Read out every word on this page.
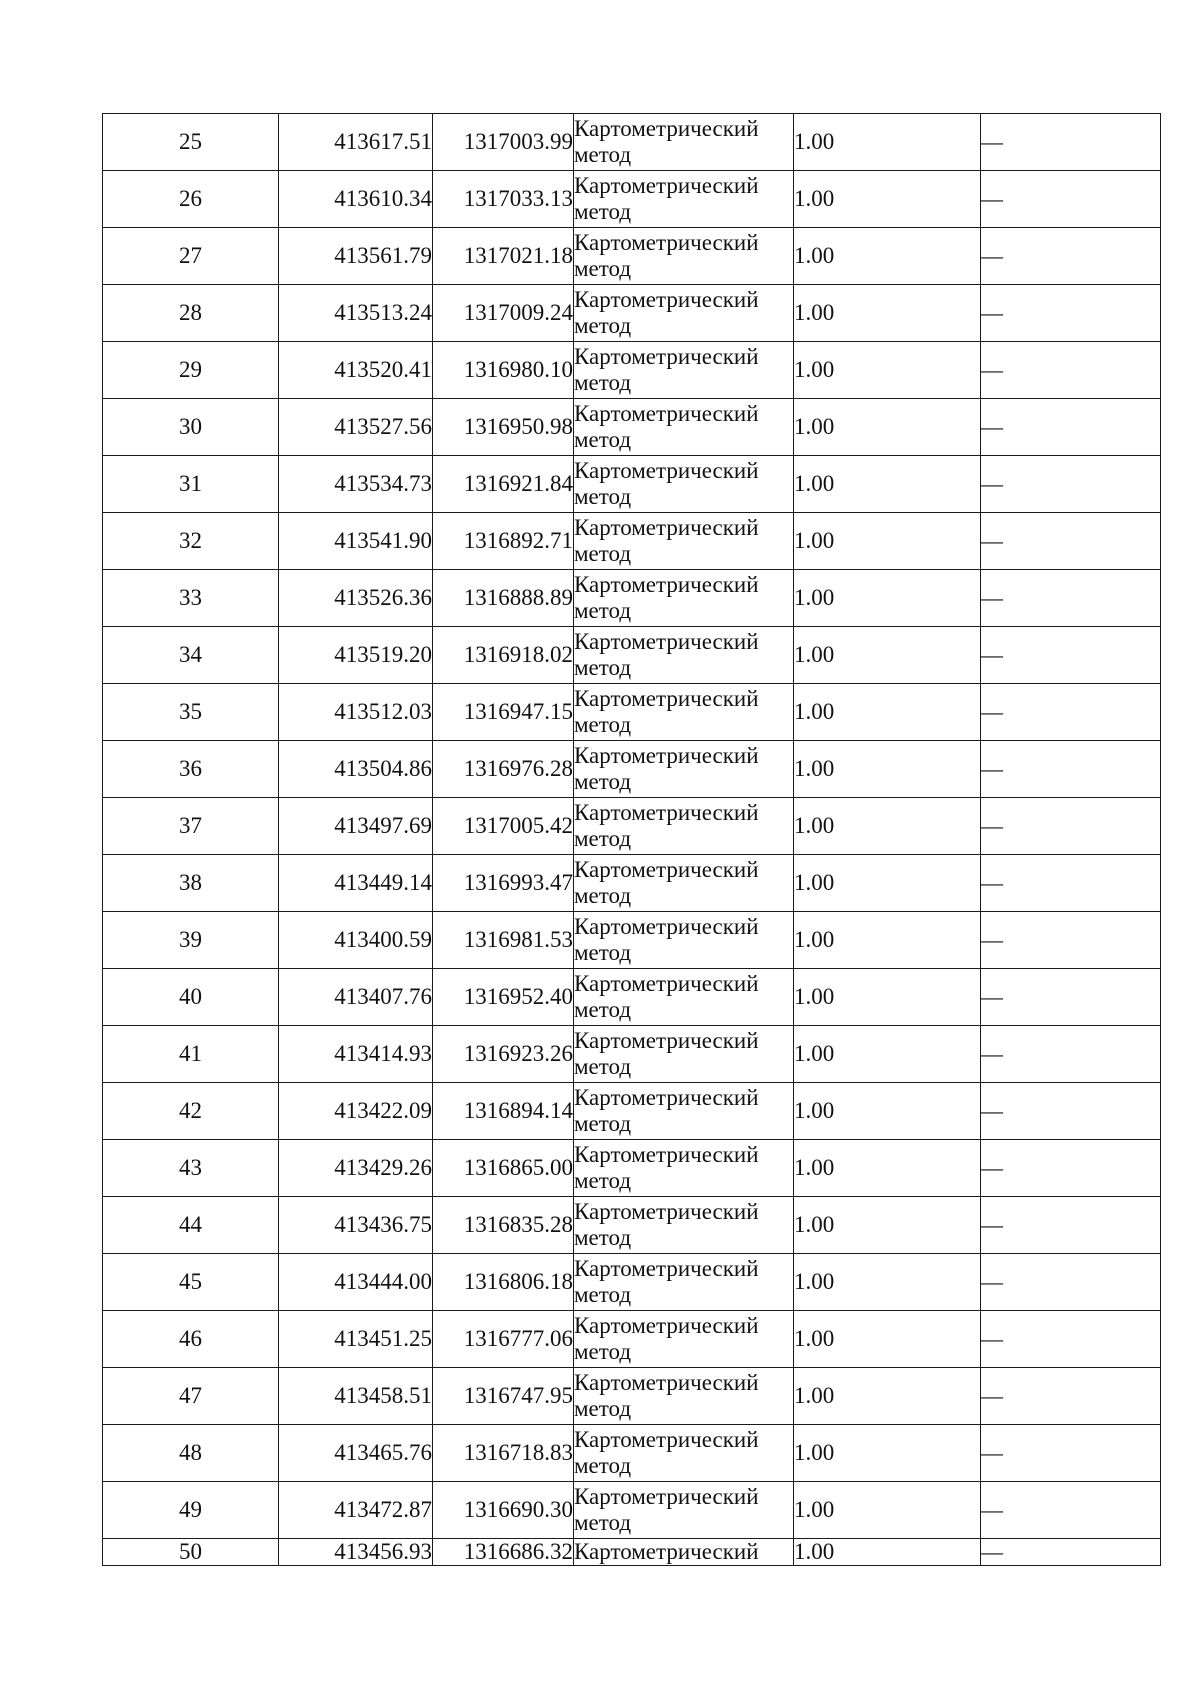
25	413617.51	1317003.99	Картометрический
метод	1.00	—
26	413610.34	1317033.13	Картометрический
метод	1.00	—
27	413561.79	1317021.18	Картометрический
метод	1.00	—
28	413513.24	1317009.24	Картометрический
метод	1.00	—
29	413520.41	1316980.10	Картометрический
метод	1.00	—
30	413527.56	1316950.98	Картометрический
метод	1.00	—
31	413534.73	1316921.84	Картометрический
метод	1.00	—
32	413541.90	1316892.71	Картометрический
метод	1.00	—
33	413526.36	1316888.89	Картометрический
метод	1.00	—
34	413519.20	1316918.02	Картометрический
метод	1.00	—
35	413512.03	1316947.15	Картометрический
метод	1.00	—
36	413504.86	1316976.28	Картометрический
метод	1.00	—
37	413497.69	1317005.42	Картометрический
метод	1.00	—
38	413449.14	1316993.47	Картометрический
метод	1.00	—
39	413400.59	1316981.53	Картометрический
метод	1.00	—
40	413407.76	1316952.40	Картометрический
метод	1.00	—
41	413414.93	1316923.26	Картометрический
метод	1.00	—
42	413422.09	1316894.14	Картометрический
метод	1.00	—
43	413429.26	1316865.00	Картометрический
метод	1.00	—
44	413436.75	1316835.28	Картометрический
метод	1.00	—
45	413444.00	1316806.18	Картометрический
метод	1.00	—
46	413451.25	1316777.06	Картометрический
метод	1.00	—
47	413458.51	1316747.95	Картометрический
метод	1.00	—
48	413465.76	1316718.83	Картометрический
метод	1.00	—
49	413472.87	1316690.30	Картометрический
метод	1.00	—
50	413456.93	1316686.32	Картометрический	1.00	—
